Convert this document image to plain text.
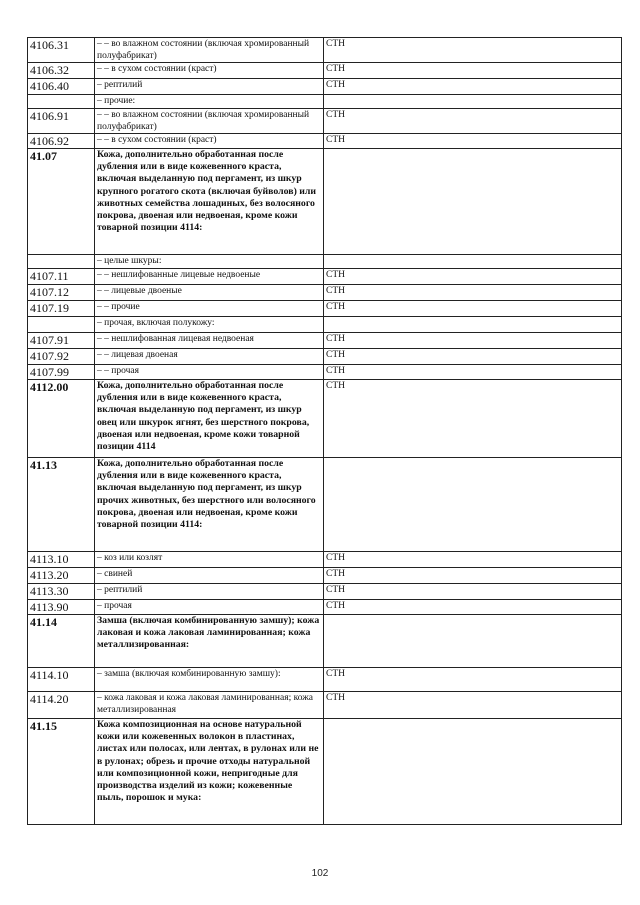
4106.31	– – во влажном состоянии (включая хромированный полуфабрикат)	СТН
4106.32	– – в сухом состоянии (краст)	СТН
4106.40	– рептилий	СТН
	– прочие:	
4106.91	– – во влажном состоянии (включая хромированный полуфабрикат)	СТН
4106.92	– – в сухом состоянии (краст)	СТН
41.07	Кожа, дополнительно обработанная после дубления или в виде кожевенного краста, включая выделанную под пергамент, из шкур крупного рогатого скота (включая буйволов) или животных семейства лошадиных, без волосяного покрова, двоеная или недвоеная, кроме кожи товарной позиции 4114:	
	– целые шкуры:	
4107.11	– – нешлифованные лицевые недвоеные	СТН
4107.12	– – лицевые двоеные	СТН
4107.19	– – прочие	СТН
	– прочая, включая полукожу:	
4107.91	– – нешлифованная лицевая недвоеная	СТН
4107.92	– – лицевая двоеная	СТН
4107.99	– – прочая	СТН
4112.00	Кожа, дополнительно обработанная после дубления или в виде кожевенного краста, включая выделанную под пергамент, из шкур овец или шкурок ягнят, без шерстного покрова, двоеная или недвоеная, кроме кожи товарной позиции 4114	СТН
41.13	Кожа, дополнительно обработанная после дубления или в виде кожевенного краста, включая выделанную под пергамент, из шкур прочих животных, без шерстного или волосяного покрова, двоеная или недвоеная, кроме кожи товарной позиции 4114:	
4113.10	– коз или козлят	СТН
4113.20	– свиней	СТН
4113.30	– рептилий	СТН
4113.90	– прочая	СТН
41.14	Замша (включая комбинированную замшу); кожа лаковая и кожа лаковая ламинированная; кожа металлизированная:	
4114.10	– замша (включая комбинированную замшу):	СТН
4114.20	– кожа лаковая и кожа лаковая ламинированная; кожа металлизированная	СТН
41.15	Кожа композиционная на основе натуральной кожи или кожевенных волокон в пластинах, листах или полосах, или лентах, в рулонах или не в рулонах; обрезь и прочие отходы натуральной или композиционной кожи, непригодные для производства изделий из кожи; кожевенные пыль, порошок и мука:	
102
